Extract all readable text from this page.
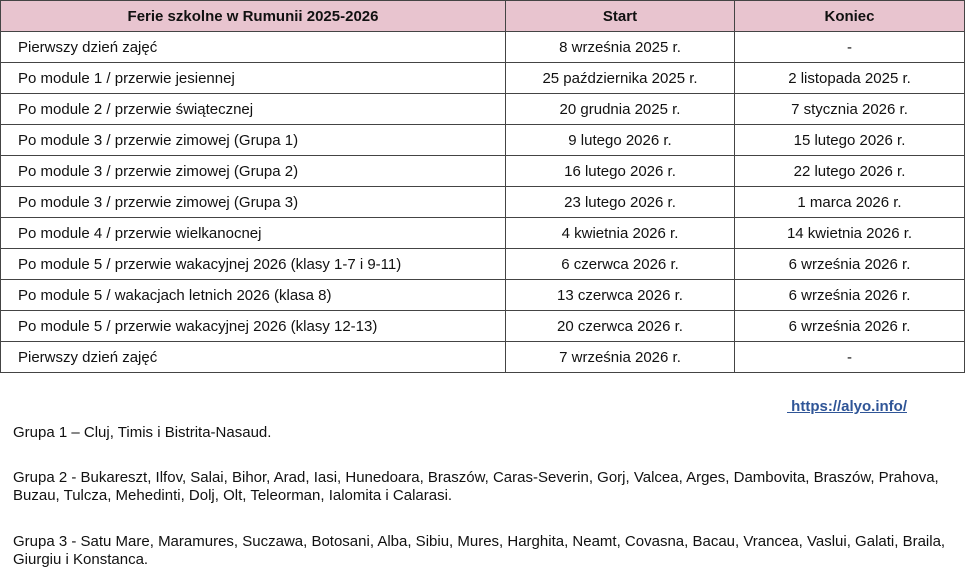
Ferie szkolne w Rumunii 2025-2026	Start	Koniec
Pierwszy dzień zajęć	8 września 2025 r.	-
Po module 1 / przerwie jesiennej	25 października 2025 r.	2 listopada 2025 r.
Po module 2 / przerwie świątecznej	20 grudnia 2025 r.	7 stycznia 2026 r.
Po module 3 / przerwie zimowej (Grupa 1)	9 lutego 2026 r.	15 lutego 2026 r.
Po module 3 / przerwie zimowej (Grupa 2)	16 lutego 2026 r.	22 lutego 2026 r.
Po module 3 / przerwie zimowej (Grupa 3)	23 lutego 2026 r.	1 marca 2026 r.
Po module 4 / przerwie wielkanocnej	4 kwietnia 2026 r.	14 kwietnia 2026 r.
Po module 5 / przerwie wakacyjnej 2026 (klasy 1-7 i 9-11)	6 czerwca 2026 r.	6 września 2026 r.
Po module 5 / wakacjach letnich 2026 (klasa 8)	13 czerwca 2026 r.	6 września 2026 r.
Po module 5 / przerwie wakacyjnej 2026 (klasy 12-13)	20 czerwca 2026 r.	6 września 2026 r.
Pierwszy dzień zajęć	7 września 2026 r.	-
https://alyo.info/
Grupa 1 – Cluj, Timis i Bistrita-Nasaud.
Grupa 2 - Bukareszt, Ilfov, Salai, Bihor, Arad, Iasi, Hunedoara, Braszów, Caras-Severin, Gorj, Valcea, Arges, Dambovita, Braszów, Prahova, Buzau, Tulcza, Mehedinti, Dolj, Olt, Teleorman, Ialomita i Calarasi.
Grupa 3 - Satu Mare, Maramures, Suczawa, Botosani, Alba, Sibiu, Mures, Harghita, Neamt, Covasna, Bacau, Vrancea, Vaslui, Galati, Braila, Giurgiu i Konstanca.
